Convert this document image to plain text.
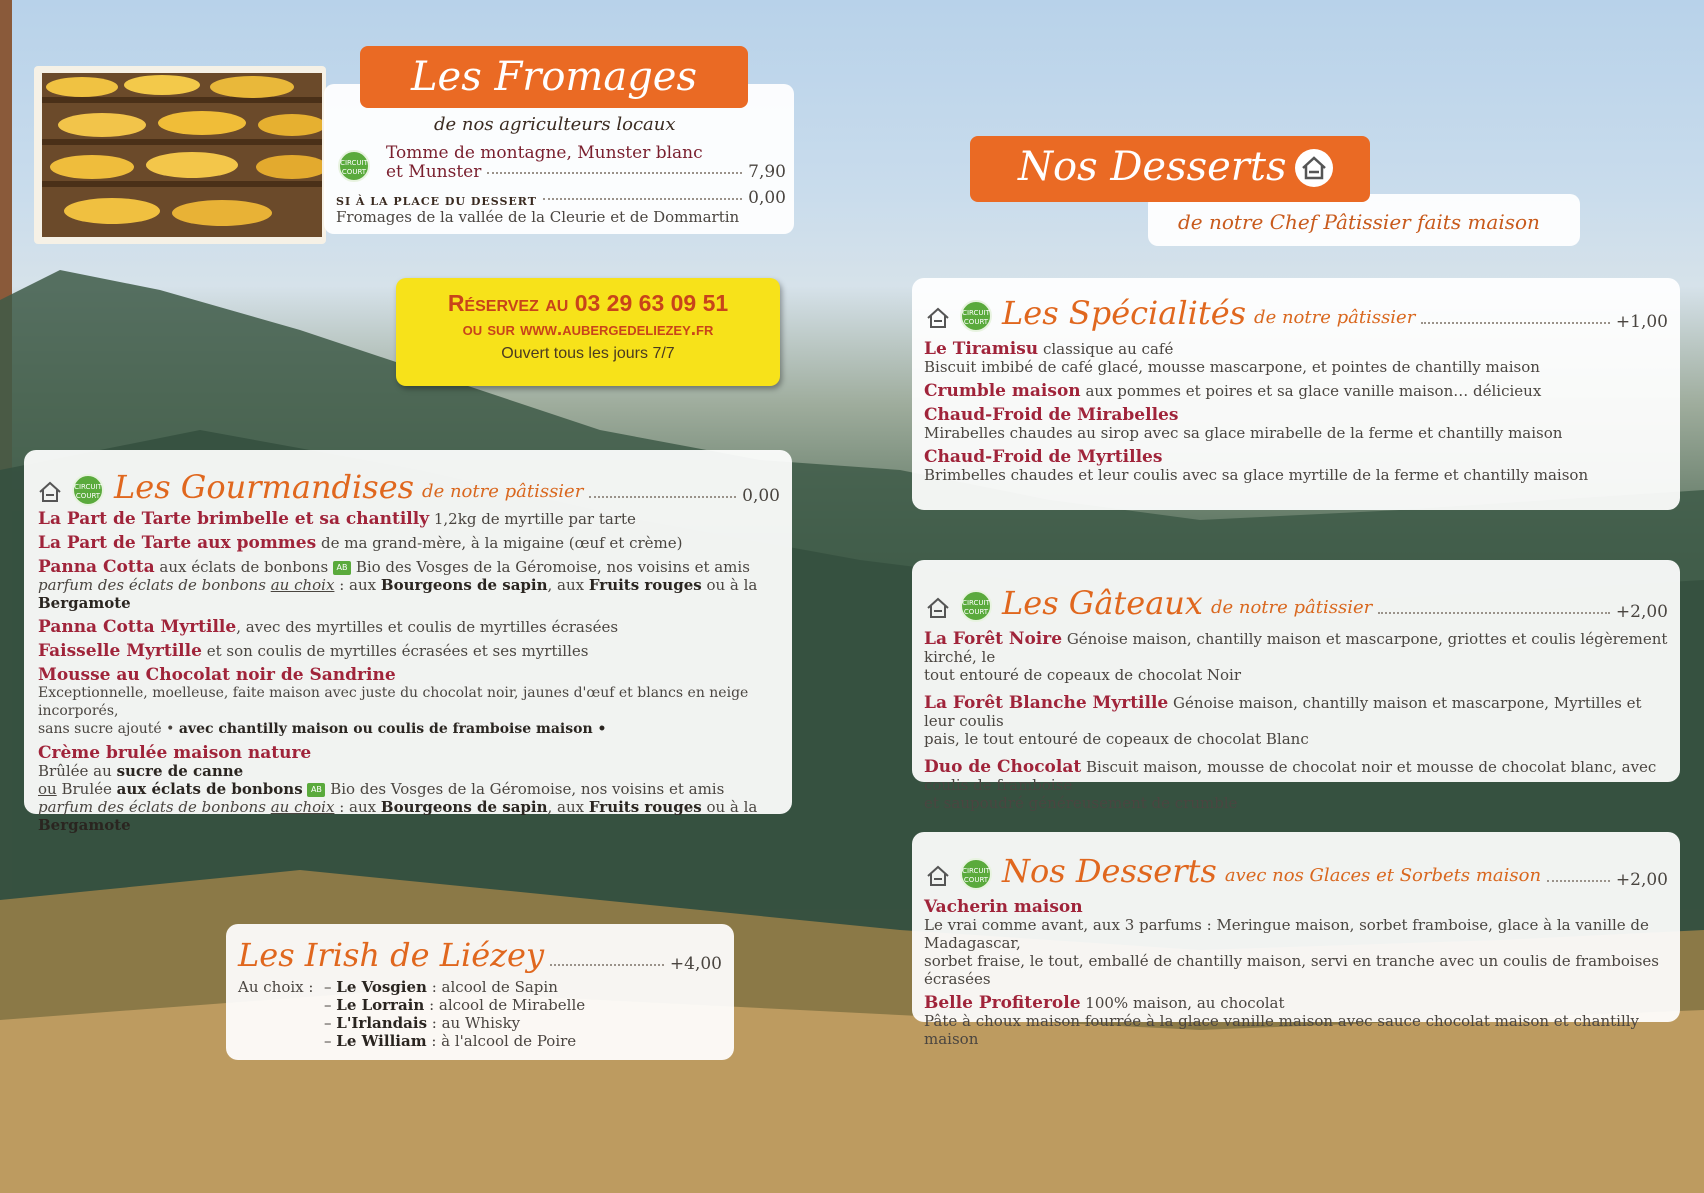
de nos agriculteurs locaux
CIRCUIT COURT
Tomme de montagne, Munster blanc
et Munster	7,90
SI À LA PLACE DU DESSERT	0,00
Fromages de la vallée de la Cleurie et de Dommartin
Les Fromages
Réservez au 03 29 63 09 51
ou sur www.aubergedeliezey.fr
Ouvert tous les jours 7/7
CIRCUIT
COURT Les Gourmandises de notre pâtissier	0,00
La Part de Tarte brimbelle et sa chantilly 1,2kg de myrtille par tarte
La Part de Tarte aux pommes de ma grand-mère, à la migaine (œuf et crème)
Panna Cotta aux éclats de bonbons AB Bio des Vosges de la Géromoise, nos voisins et amis
parfum des éclats de bonbons au choix : aux Bourgeons de sapin, aux Fruits rouges ou à la Bergamote
Panna Cotta Myrtille, avec des myrtilles et coulis de myrtilles écrasées
Faisselle Myrtille et son coulis de myrtilles écrasées et ses myrtilles
Mousse au Chocolat noir de Sandrine
Exceptionnelle, moelleuse, faite maison avec juste du chocolat noir, jaunes d'œuf et blancs en neige incorporés,
sans sucre ajouté • avec chantilly maison ou coulis de framboise maison •
Crème brulée maison nature
Brûlée au sucre de canne
ou Brulée aux éclats de bonbons AB Bio des Vosges de la Géromoise, nos voisins et amis
parfum des éclats de bonbons au choix : aux Bourgeons de sapin, aux Fruits rouges ou à la Bergamote
Les Irish de Liézey	+4,00
Au choix : – Le Vosgien : alcool de Sapin
– Le Lorrain : alcool de Mirabelle
– L'Irlandais : au Whisky
– Le William : à l'alcool de Poire
de notre Chef Pâtissier faits maison
Nos Desserts
CIRCUIT
COURT Les Spécialités de notre pâtissier	+1,00
Le Tiramisu classique au café
Biscuit imbibé de café glacé, mousse mascarpone, et pointes de chantilly maison
Crumble maison aux pommes et poires et sa glace vanille maison… délicieux
Chaud-Froid de Mirabelles
Mirabelles chaudes au sirop avec sa glace mirabelle de la ferme et chantilly maison
Chaud-Froid de Myrtilles
Brimbelles chaudes et leur coulis avec sa glace myrtille de la ferme et chantilly maison
CIRCUIT
COURT Les Gâteaux de notre pâtissier	+2,00
La Forêt Noire Génoise maison, chantilly maison et mascarpone, griottes et coulis légèrement kirché, le
tout entouré de copeaux de chocolat Noir
La Forêt Blanche Myrtille Génoise maison, chantilly maison et mascarpone, Myrtilles et leur coulis
pais, le tout entouré de copeaux de chocolat Blanc
Duo de Chocolat Biscuit maison, mousse de chocolat noir et mousse de chocolat blanc, avec coulis de framboise
et saupoudré généreusement de crumble
CIRCUIT
COURT Nos Desserts avec nos Glaces et Sorbets maison	+2,00
Vacherin maison
Le vrai comme avant, aux 3 parfums : Meringue maison, sorbet framboise, glace à la vanille de Madagascar,
sorbet fraise, le tout, emballé de chantilly maison, servi en tranche avec un coulis de framboises écrasées
Belle Profiterole 100% maison, au chocolat
Pâte à choux maison fourrée à la glace vanille maison avec sauce chocolat maison et chantilly maison
